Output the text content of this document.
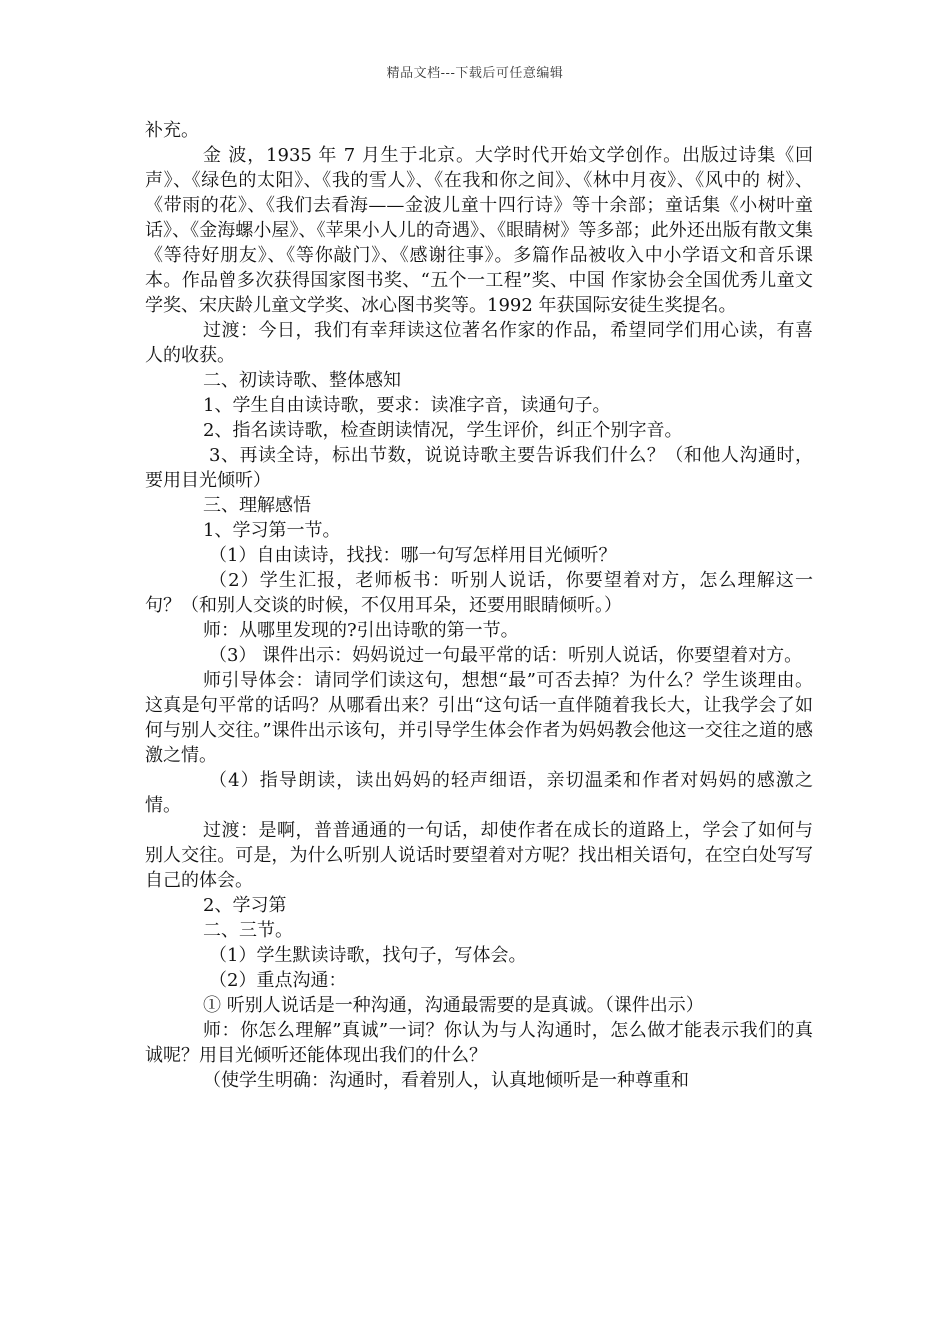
精品文档---下载后可任意编辑

补充。

金 波，1935 年 7 月生于北京。大学时代开始文学创作。出版过诗集《回声》、《绿色的太阳》、《我的雪人》、《在我和你之间》、《林中月夜》、《风中的 树》、《带雨的花》、《我们去看海——金波儿童十四行诗》等十余部；童话集《小树叶童话》、《金海螺小屋》、《苹果小人儿的奇遇》、《眼睛树》等多部；此外还出版有散文集《等待好朋友》、《等你敲门》、《感谢往事》。多篇作品被收入中小学语文和音乐课本。作品曾多次获得国家图书奖、“五个一工程”奖、中国 作家协会全国优秀儿童文学奖、宋庆龄儿童文学奖、冰心图书奖等。1992 年获国际安徒生奖提名。

过渡：今日，我们有幸拜读这位著名作家的作品，希望同学们用心读，有喜人的收获。

二、初读诗歌、整体感知

1、学生自由读诗歌，要求：读准字音，读通句子。

2、指名读诗歌，检查朗读情况，学生评价，纠正个别字音。

3、再读全诗，标出节数，说说诗歌主要告诉我们什么？（和他人沟通时，要用目光倾听）

三、理解感悟

1、学习第一节。

（1）自由读诗，找找：哪一句写怎样用目光倾听？

（2）学生汇报，老师板书：听别人说话，你要望着对方，怎么理解这一句？（和别人交谈的时候，不仅用耳朵，还要用眼睛倾听。）

师：从哪里发现的?引出诗歌的第一节。

（3） 课件出示：妈妈说过一句最平常的话：听别人说话，你要望着对方。

师引导体会：请同学们读这句，想想“最”可否去掉？为什么？学生谈理由。这真是句平常的话吗？从哪看出来？引出“这句话一直伴随着我长大，让我学会了如何与别人交往。”课件出示该句，并引导学生体会作者为妈妈教会他这一交往之道的感激之情。

（4）指导朗读，读出妈妈的轻声细语，亲切温柔和作者对妈妈的感激之情。

过渡：是啊，普普通通的一句话，却使作者在成长的道路上，学会了如何与别人交往。可是，为什么听别人说话时要望着对方呢？找出相关语句，在空白处写写自己的体会。

2、学习第

二、三节。

（1）学生默读诗歌，找句子，写体会。

（2）重点沟通：

① 听别人说话是一种沟通，沟通最需要的是真诚。（课件出示）

师：你怎么理解”真诚”一词？你认为与人沟通时，怎么做才能表示我们的真诚呢？用目光倾听还能体现出我们的什么？

（使学生明确：沟通时，看着别人，认真地倾听是一种尊重和
